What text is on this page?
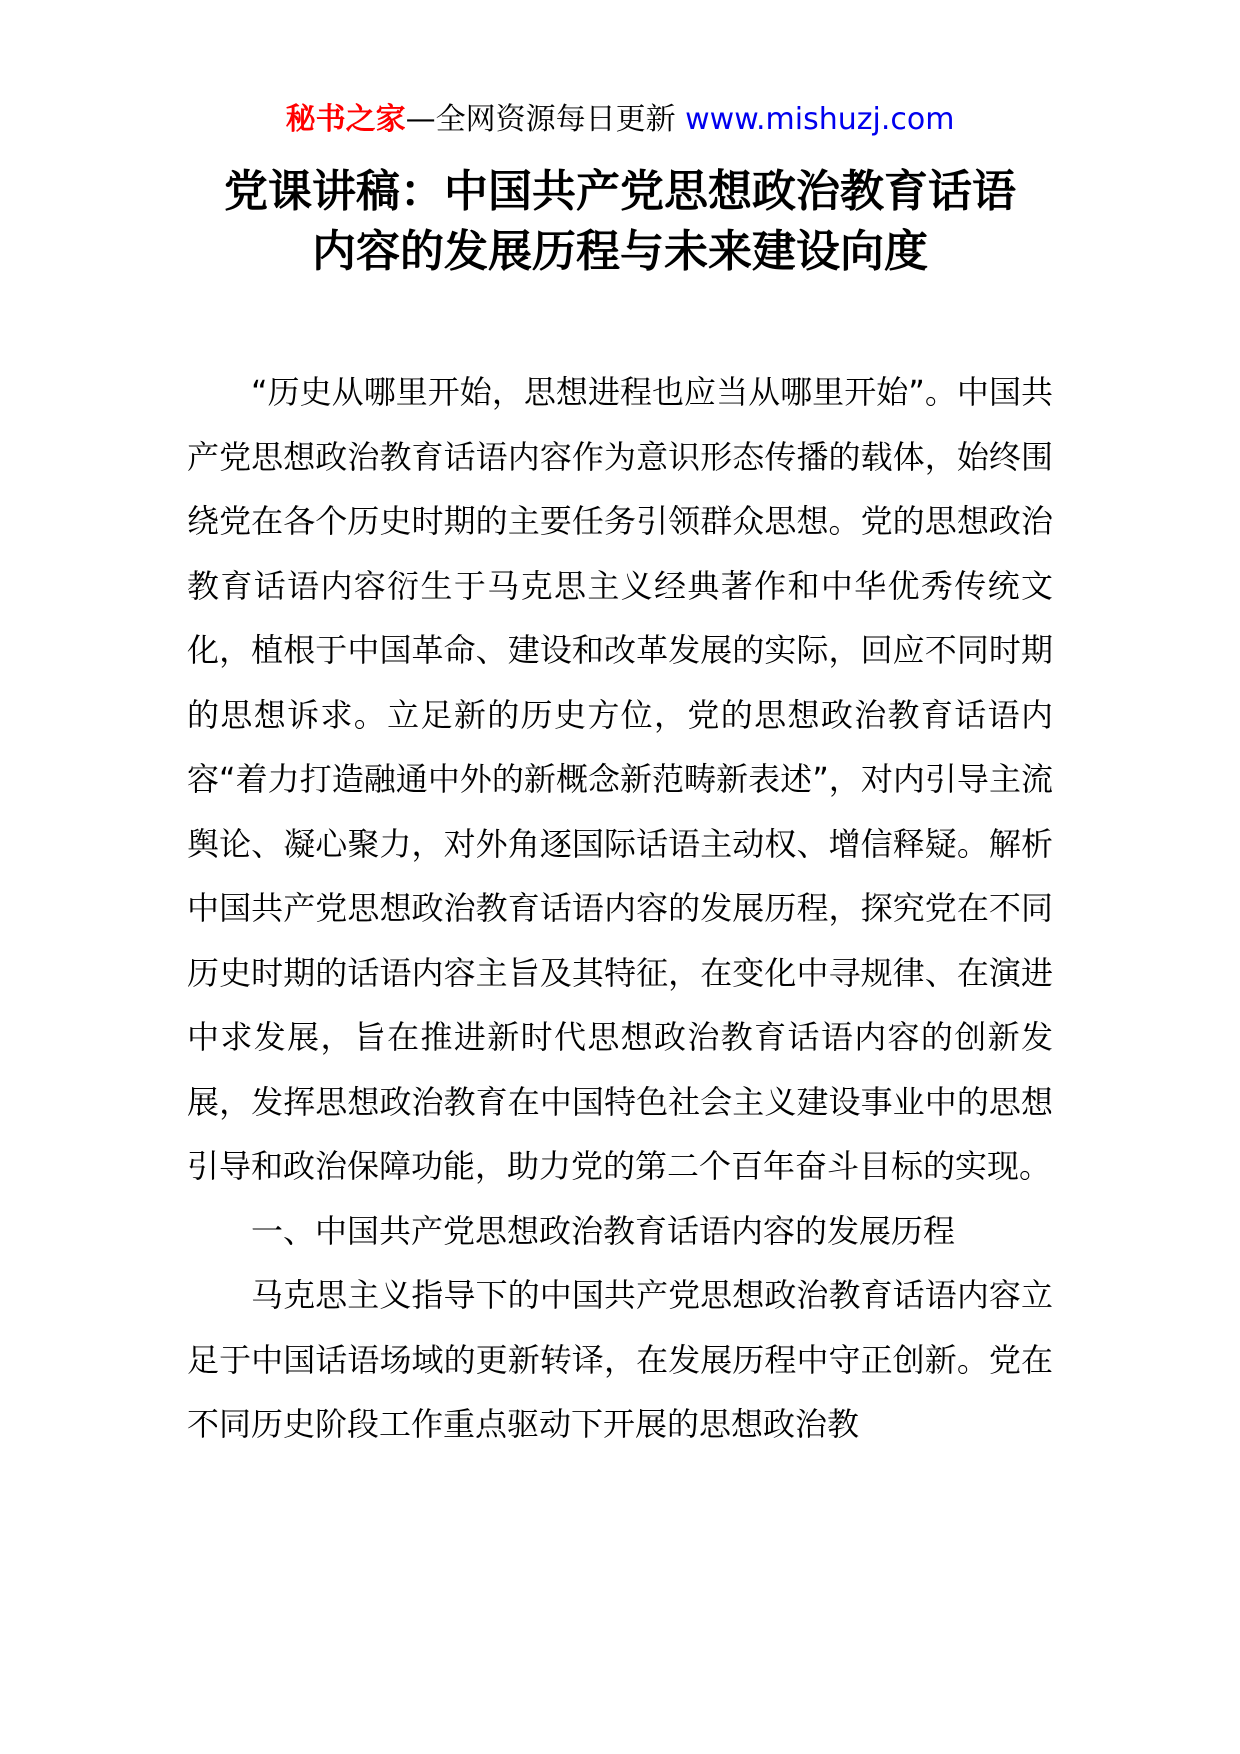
秘书之家—全网资源每日更新 www.mishuzj.com
党课讲稿：中国共产党思想政治教育话语
内容的发展历程与未来建设向度

“历史从哪里开始，思想进程也应当从哪里开始”。中国共产党思想政治教育话语内容作为意识形态传播的载体，始终围绕党在各个历史时期的主要任务引领群众思想。党的思想政治教育话语内容衍生于马克思主义经典著作和中华优秀传统文化，植根于中国革命、建设和改革发展的实际，回应不同时期的思想诉求。立足新的历史方位，党的思想政治教育话语内容“着力打造融通中外的新概念新范畴新表述”，对内引导主流舆论、凝心聚力，对外角逐国际话语主动权、增信释疑。解析中国共产党思想政治教育话语内容的发展历程，探究党在不同历史时期的话语内容主旨及其特征，在变化中寻规律、在演进中求发展，旨在推进新时代思想政治教育话语内容的创新发展，发挥思想政治教育在中国特色社会主义建设事业中的思想引导和政治保障功能，助力党的第二个百年奋斗目标的实现。

一、中国共产党思想政治教育话语内容的发展历程

马克思主义指导下的中国共产党思想政治教育话语内容立足于中国话语场域的更新转译，在发展历程中守正创新。党在不同历史阶段工作重点驱动下开展的思想政治教
